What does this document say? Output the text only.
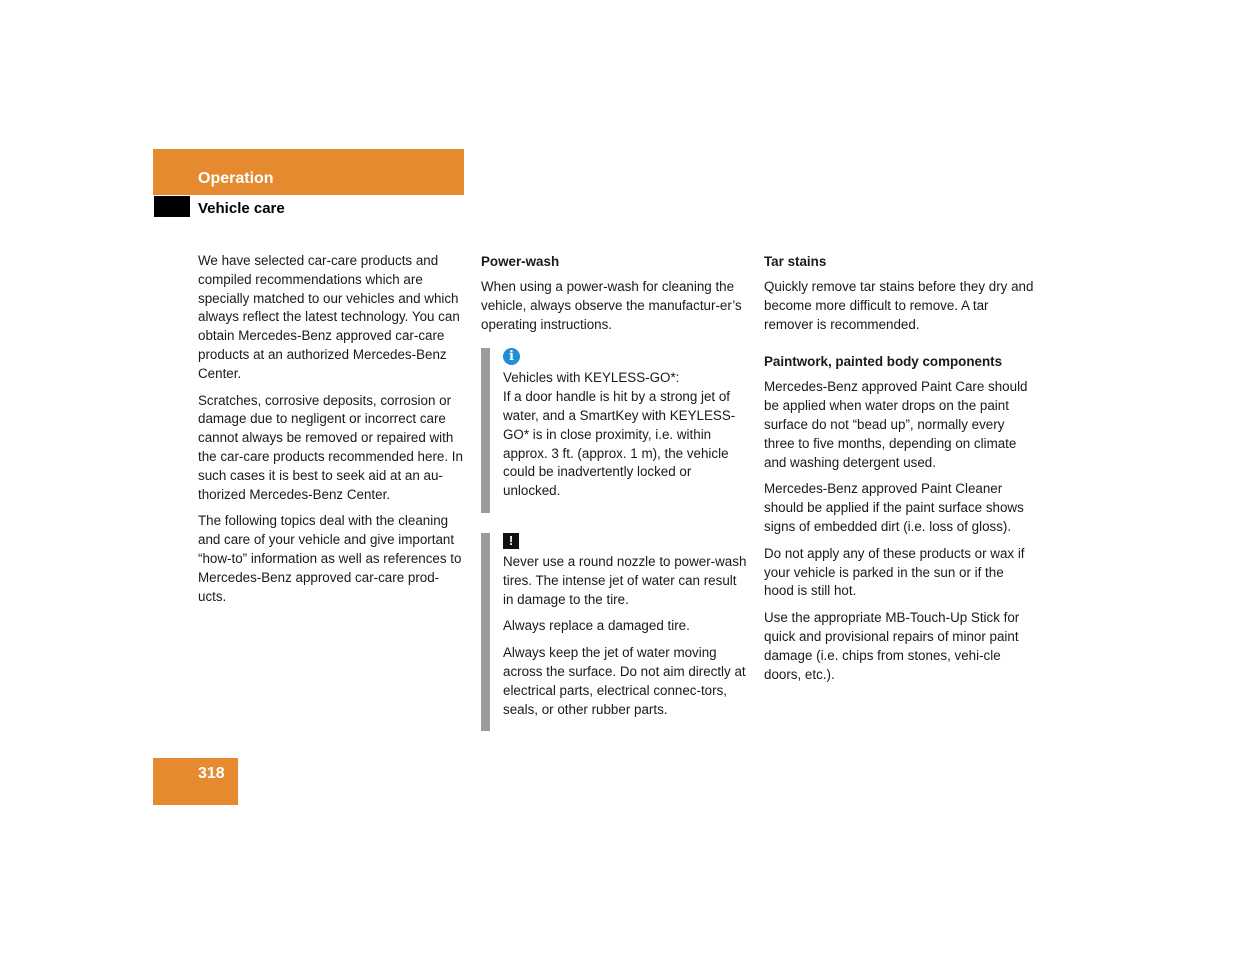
Operation
Vehicle care

We have selected car-care products and compiled recommendations which are specially matched to our vehicles and which always reflect the latest technology. You can obtain Mercedes-Benz approved car-care products at an authorized Mercedes-Benz Center.

Scratches, corrosive deposits, corrosion or damage due to negligent or incorrect care cannot always be removed or repaired with the car-care products recommended here. In such cases it is best to seek aid at an au-thorized Mercedes-Benz Center.

The following topics deal with the cleaning and care of your vehicle and give important “how-to” information as well as references to Mercedes-Benz approved car-care prod-ucts.

Power-wash

When using a power-wash for cleaning the vehicle, always observe the manufactur-er’s operating instructions.

i
Vehicles with KEYLESS-GO*:

If a door handle is hit by a strong jet of water, and a SmartKey with KEYLESS-GO* is in close proximity, i.e. within approx. 3 ft. (approx. 1 m), the vehicle could be inadvertently locked or unlocked.

!

Never use a round nozzle to power-wash tires. The intense jet of water can result in damage to the tire.

Always replace a damaged tire.

Always keep the jet of water moving across the surface. Do not aim directly at electrical parts, electrical connec-tors, seals, or other rubber parts.

Tar stains

Quickly remove tar stains before they dry and become more difficult to remove. A tar remover is recommended.

Paintwork, painted body components

Mercedes-Benz approved Paint Care should be applied when water drops on the paint surface do not “bead up”, normally every three to five months, depending on climate and washing detergent used.

Mercedes-Benz approved Paint Cleaner should be applied if the paint surface shows signs of embedded dirt (i.e. loss of gloss).

Do not apply any of these products or wax if your vehicle is parked in the sun or if the hood is still hot.

Use the appropriate MB-Touch-Up Stick for quick and provisional repairs of minor paint damage (i.e. chips from stones, vehi-cle doors, etc.).

318
